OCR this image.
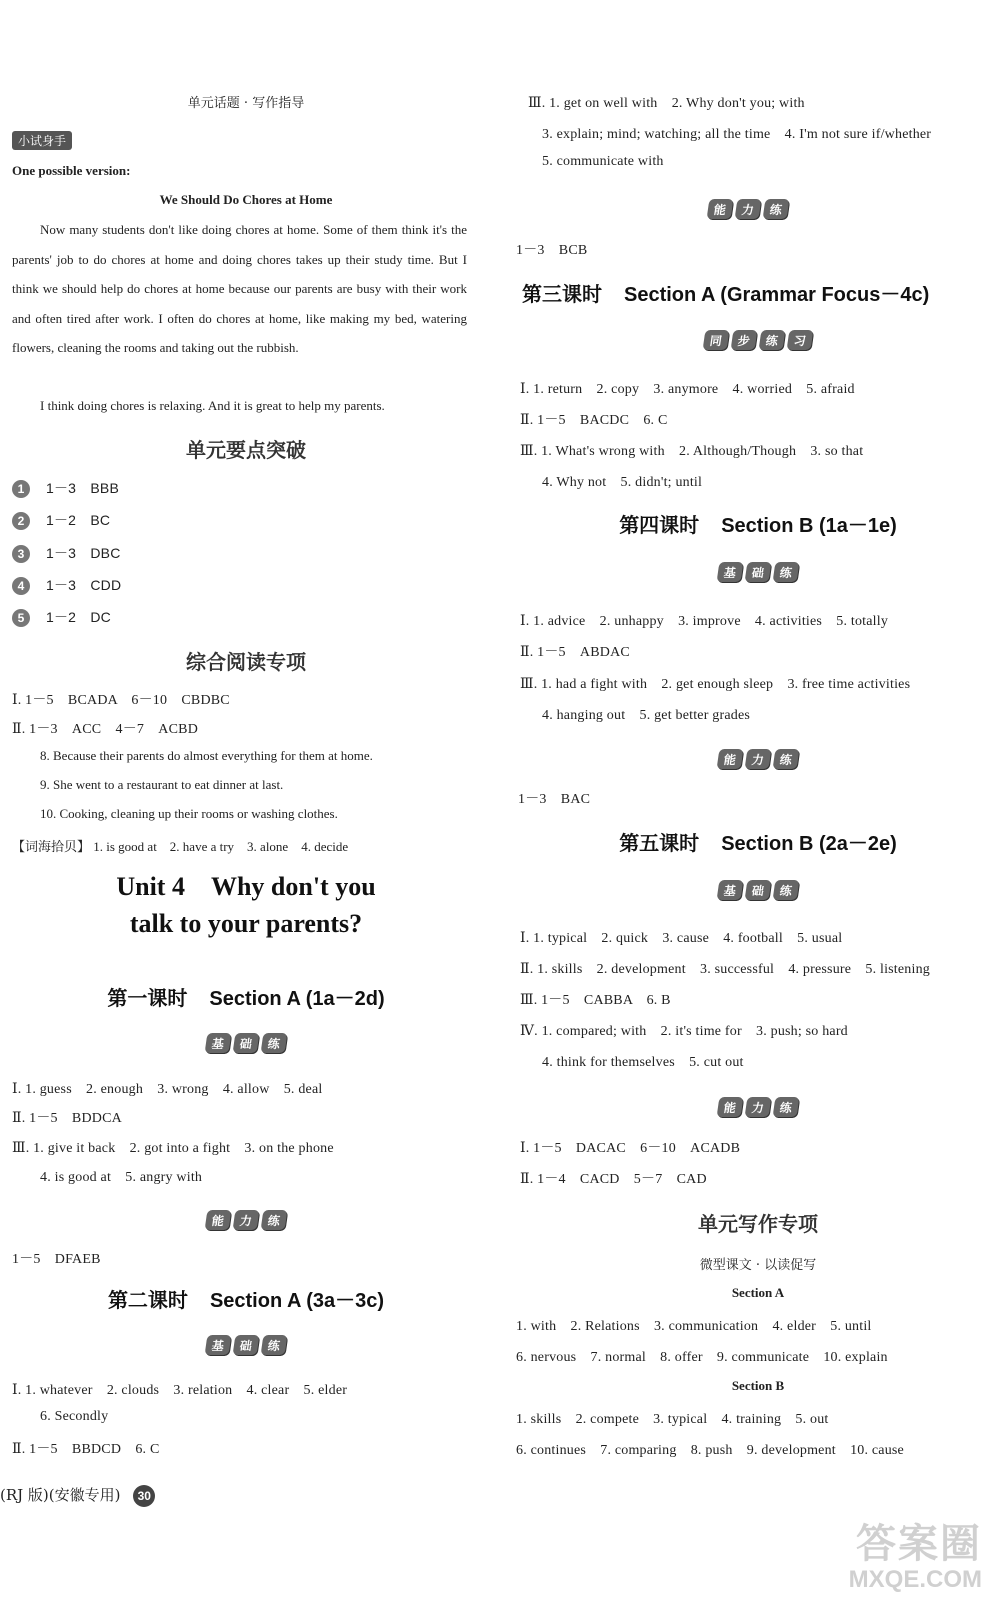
单元话题 · 写作指导
小试身手
One possible version:
We Should Do Chores at Home
Now many students don't like doing chores at home. Some of them think it's the parents' job to do chores at home and doing chores takes up their study time. But I think we should help do chores at home because our parents are busy with their work and often tired after work. I often do chores at home, like making my bed, watering flowers, cleaning the rooms and taking out the rubbish.
I think doing chores is relaxing. And it is great to help my parents.
单元要点突破
1 1－3　BBB
2 1－2　BC
3 1－3　DBC
4 1－3　CDD
5 1－2　DC
综合阅读专项
Ⅰ. 1－5　BCADA　6－10　CBDBC
Ⅱ. 1－3　ACC　4－7　ACBD
8. Because their parents do almost everything for them at home.
9. She went to a restaurant to eat dinner at last.
10. Cooking, cleaning up their rooms or washing clothes.
【词海拾贝】 1. is good at　2. have a try　3. alone　4. decide
Unit 4　Why don't you
talk to your parents?
第一课时 Section A (1a－2d)
基	础	练
Ⅰ. 1. guess　2. enough　3. wrong　4. allow　5. deal
Ⅱ. 1－5　BDDCA
Ⅲ. 1. give it back　2. got into a fight　3. on the phone
4. is good at　5. angry with
能	力	练
1－5　DFAEB
第二课时 Section A (3a－3c)
基	础	练
Ⅰ. 1. whatever　2. clouds　3. relation　4. clear　5. elder
6. Secondly
Ⅱ. 1－5　BBDCD　6. C
(RJ 版)(安徽专用) 30
Ⅲ. 1. get on well with　2. Why don't you; with
3. explain; mind; watching; all the time　4. I'm not sure if/whether
5. communicate with
能	力	练
1－3　BCB
第三课时 Section A (Grammar Focus－4c)
同	步	练	习
Ⅰ. 1. return　2. copy　3. anymore　4. worried　5. afraid
Ⅱ. 1－5　BACDC　6. C
Ⅲ. 1. What's wrong with　2. Although/Though　3. so that
4. Why not　5. didn't; until
第四课时 Section B (1a－1e)
基	础	练
Ⅰ. 1. advice　2. unhappy　3. improve　4. activities　5. totally
Ⅱ. 1－5　ABDAC
Ⅲ. 1. had a fight with　2. get enough sleep　3. free time activities
4. hanging out　5. get better grades
能	力	练
1－3　BAC
第五课时 Section B (2a－2e)
基	础	练
Ⅰ. 1. typical　2. quick　3. cause　4. football　5. usual
Ⅱ. 1. skills　2. development　3. successful　4. pressure　5. listening
Ⅲ. 1－5　CABBA　6. B
Ⅳ. 1. compared; with　2. it's time for　3. push; so hard
4. think for themselves　5. cut out
能	力	练
Ⅰ. 1－5　DACAC　6－10　ACADB
Ⅱ. 1－4　CACD　5－7　CAD
单元写作专项
微型课文 · 以读促写
Section A
1. with　2. Relations　3. communication　4. elder　5. until
6. nervous　7. normal　8. offer　9. communicate　10. explain
Section B
1. skills　2. compete　3. typical　4. training　5. out
6. continues　7. comparing　8. push　9. development　10. cause
答案圈
MXQE.COM
